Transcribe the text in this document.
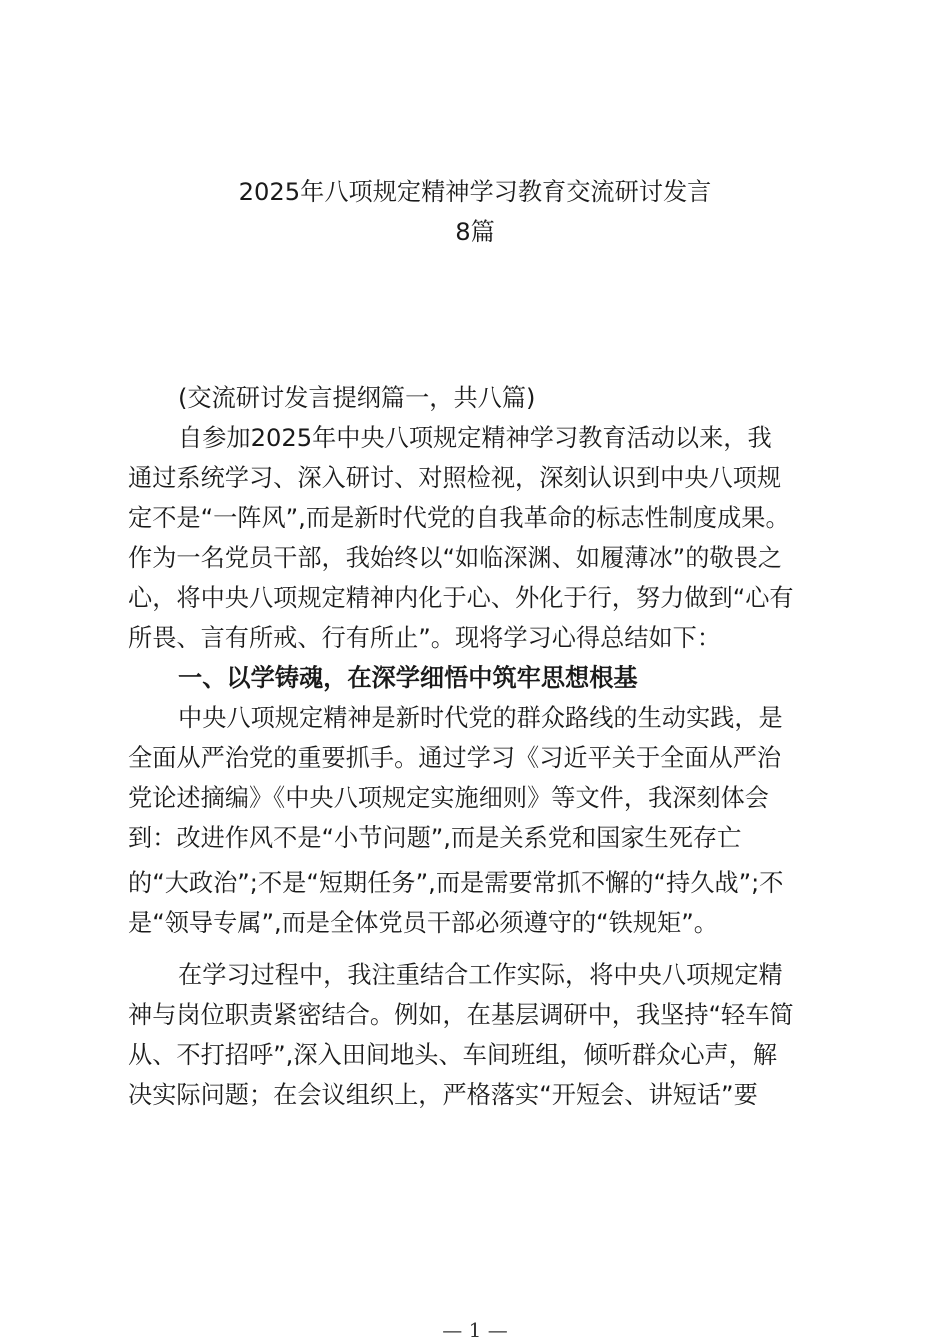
2025年八项规定精神学习教育交流研讨发言
8篇
(交流研讨发言提纲篇一，共八篇)
自参加2025年中央八项规定精神学习教育活动以来，我
通过系统学习、深入研讨、对照检视，深刻认识到中央八项规
定不是“一阵风”,而是新时代党的自我革命的标志性制度成果。
作为一名党员干部，我始终以“如临深渊、如履薄冰”的敬畏之
心，将中央八项规定精神内化于心、外化于行，努力做到“心有
所畏、言有所戒、行有所止”。现将学习心得总结如下：
一、以学铸魂，在深学细悟中筑牢思想根基
中央八项规定精神是新时代党的群众路线的生动实践，是
全面从严治党的重要抓手。通过学习《习近平关于全面从严治
党论述摘编》《中央八项规定实施细则》等文件，我深刻体会
到：改进作风不是“小节问题”,而是关系党和国家生死存亡
的“大政治”;不是“短期任务”,而是需要常抓不懈的“持久战”;不
是“领导专属”,而是全体党员干部必须遵守的“铁规矩”。
在学习过程中，我注重结合工作实际，将中央八项规定精
神与岗位职责紧密结合。例如，在基层调研中，我坚持“轻车简
从、不打招呼”,深入田间地头、车间班组，倾听群众心声，解
决实际问题；在会议组织上，严格落实“开短会、讲短话”要
— 1 —
